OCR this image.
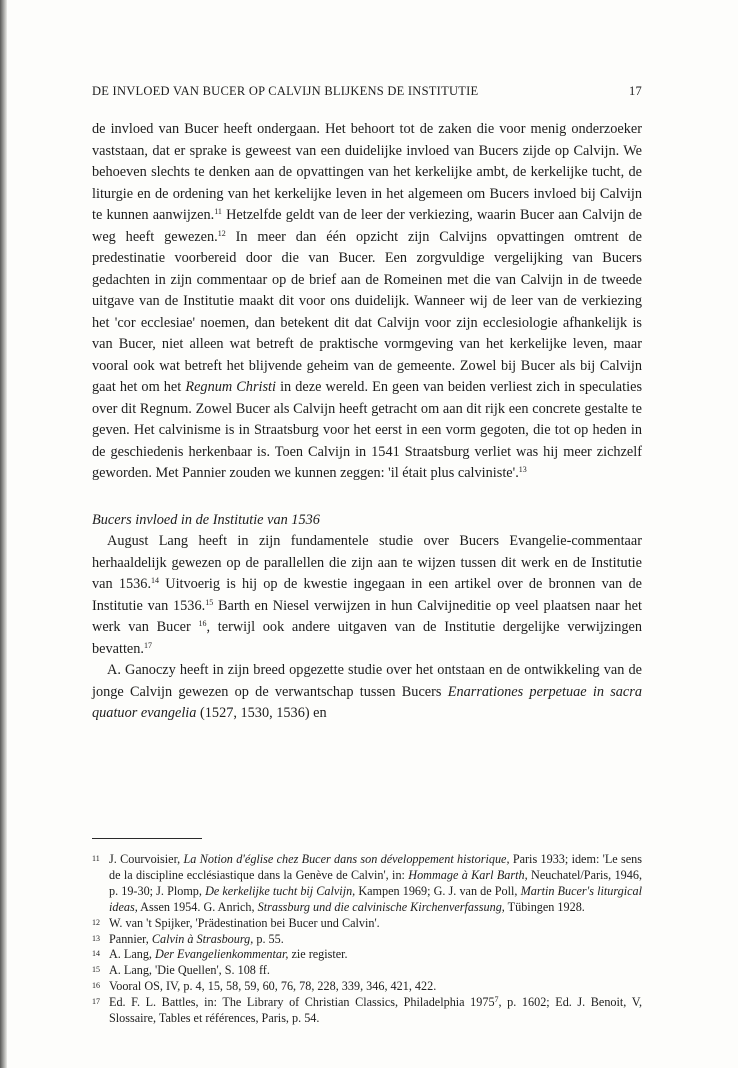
DE INVLOED VAN BUCER OP CALVIJN BLIJKENS DE INSTITUTIE	17

de invloed van Bucer heeft ondergaan. Het behoort tot de zaken die voor menig onderzoeker vaststaan, dat er sprake is geweest van een duidelijke invloed van Bucers zijde op Calvijn. We behoeven slechts te denken aan de opvattingen van het kerkelijke ambt, de kerkelijke tucht, de liturgie en de ordening van het kerkelijke leven in het algemeen om Bucers invloed bij Calvijn te kunnen aanwijzen.$^{11}$ Hetzelfde geldt van de leer der verkiezing, waarin Bucer aan Calvijn de weg heeft gewezen.$^{12}$ In meer dan één opzicht zijn Calvijns opvattingen omtrent de predestinatie voorbereid door die van Bucer. Een zorgvuldige vergelijking van Bucers gedachten in zijn commentaar op de brief aan de Romeinen met die van Calvijn in de tweede uitgave van de Institutie maakt dit voor ons duidelijk. Wanneer wij de leer van de verkiezing het 'cor ecclesiae' noemen, dan betekent dit dat Calvijn voor zijn ecclesiologie afhankelijk is van Bucer, niet alleen wat betreft de praktische vormgeving van het kerkelijke leven, maar vooral ook wat betreft het blijvende geheim van de gemeente. Zowel bij Bucer als bij Calvijn gaat het om het Regnum Christi in deze wereld. En geen van beiden verliest zich in speculaties over dit Regnum. Zowel Bucer als Calvijn heeft getracht om aan dit rijk een concrete gestalte te geven. Het calvinisme is in Straatsburg voor het eerst in een vorm gegoten, die tot op heden in de geschiedenis herkenbaar is. Toen Calvijn in 1541 Straatsburg verliet was hij meer zichzelf geworden. Met Pannier zouden we kunnen zeggen: 'il était plus calviniste'.$^{13}$

Bucers invloed in de Institutie van 1536

August Lang heeft in zijn fundamentele studie over Bucers Evangelie-commentaar herhaaldelijk gewezen op de parallellen die zijn aan te wijzen tussen dit werk en de Institutie van 1536.14 Uitvoerig is hij op de kwestie ingegaan in een artikel over de bronnen van de Institutie van 1536.15 Barth en Niesel verwijzen in hun Calvijneditie op veel plaatsen naar het werk van Bucer $^{16}$, terwijl ook andere uitgaven van de Institutie dergelijke verwijzingen bevatten.$^{17}$

A. Ganoczy heeft in zijn breed opgezette studie over het ontstaan en de ontwikkeling van de jonge Calvijn gewezen op de verwantschap tussen Bucers Enarrationes perpetuae in sacra quatuor evangelia (1527, 1530, 1536) en

11 J. Courvoisier, La Notion d'église chez Bucer dans son développement historique, Paris 1933; idem: 'Le sens de la discipline ecclésiastique dans la Genève de Calvin', in: Hommage à Karl Barth, Neuchatel/Paris, 1946, p. 19-30; J. Plomp, De kerkelijke tucht bij Calvijn, Kampen 1969; G. J. van de Poll, Martin Bucer's liturgical ideas, Assen 1954. G. Anrich, Strassburg und die calvinische Kirchenverfassung, Tübingen 1928.
12 W. van 't Spijker, 'Prädestination bei Bucer und Calvin'.
13 Pannier, Calvin à Strasbourg, p. 55.
14 A. Lang, Der Evangelienkommentar, zie register.
15 A. Lang, 'Die Quellen', S. 108 ff.
16 Vooral OS, IV, p. 4, 15, 58, 59, 60, 76, 78, 228, 339, 346, 421, 422.
17 Ed. F. L. Battles, in: The Library of Christian Classics, Philadelphia 1975$^7$, p. 1602; Ed. J. Benoit, V, Slossaire, Tables et références, Paris, p. 54.
